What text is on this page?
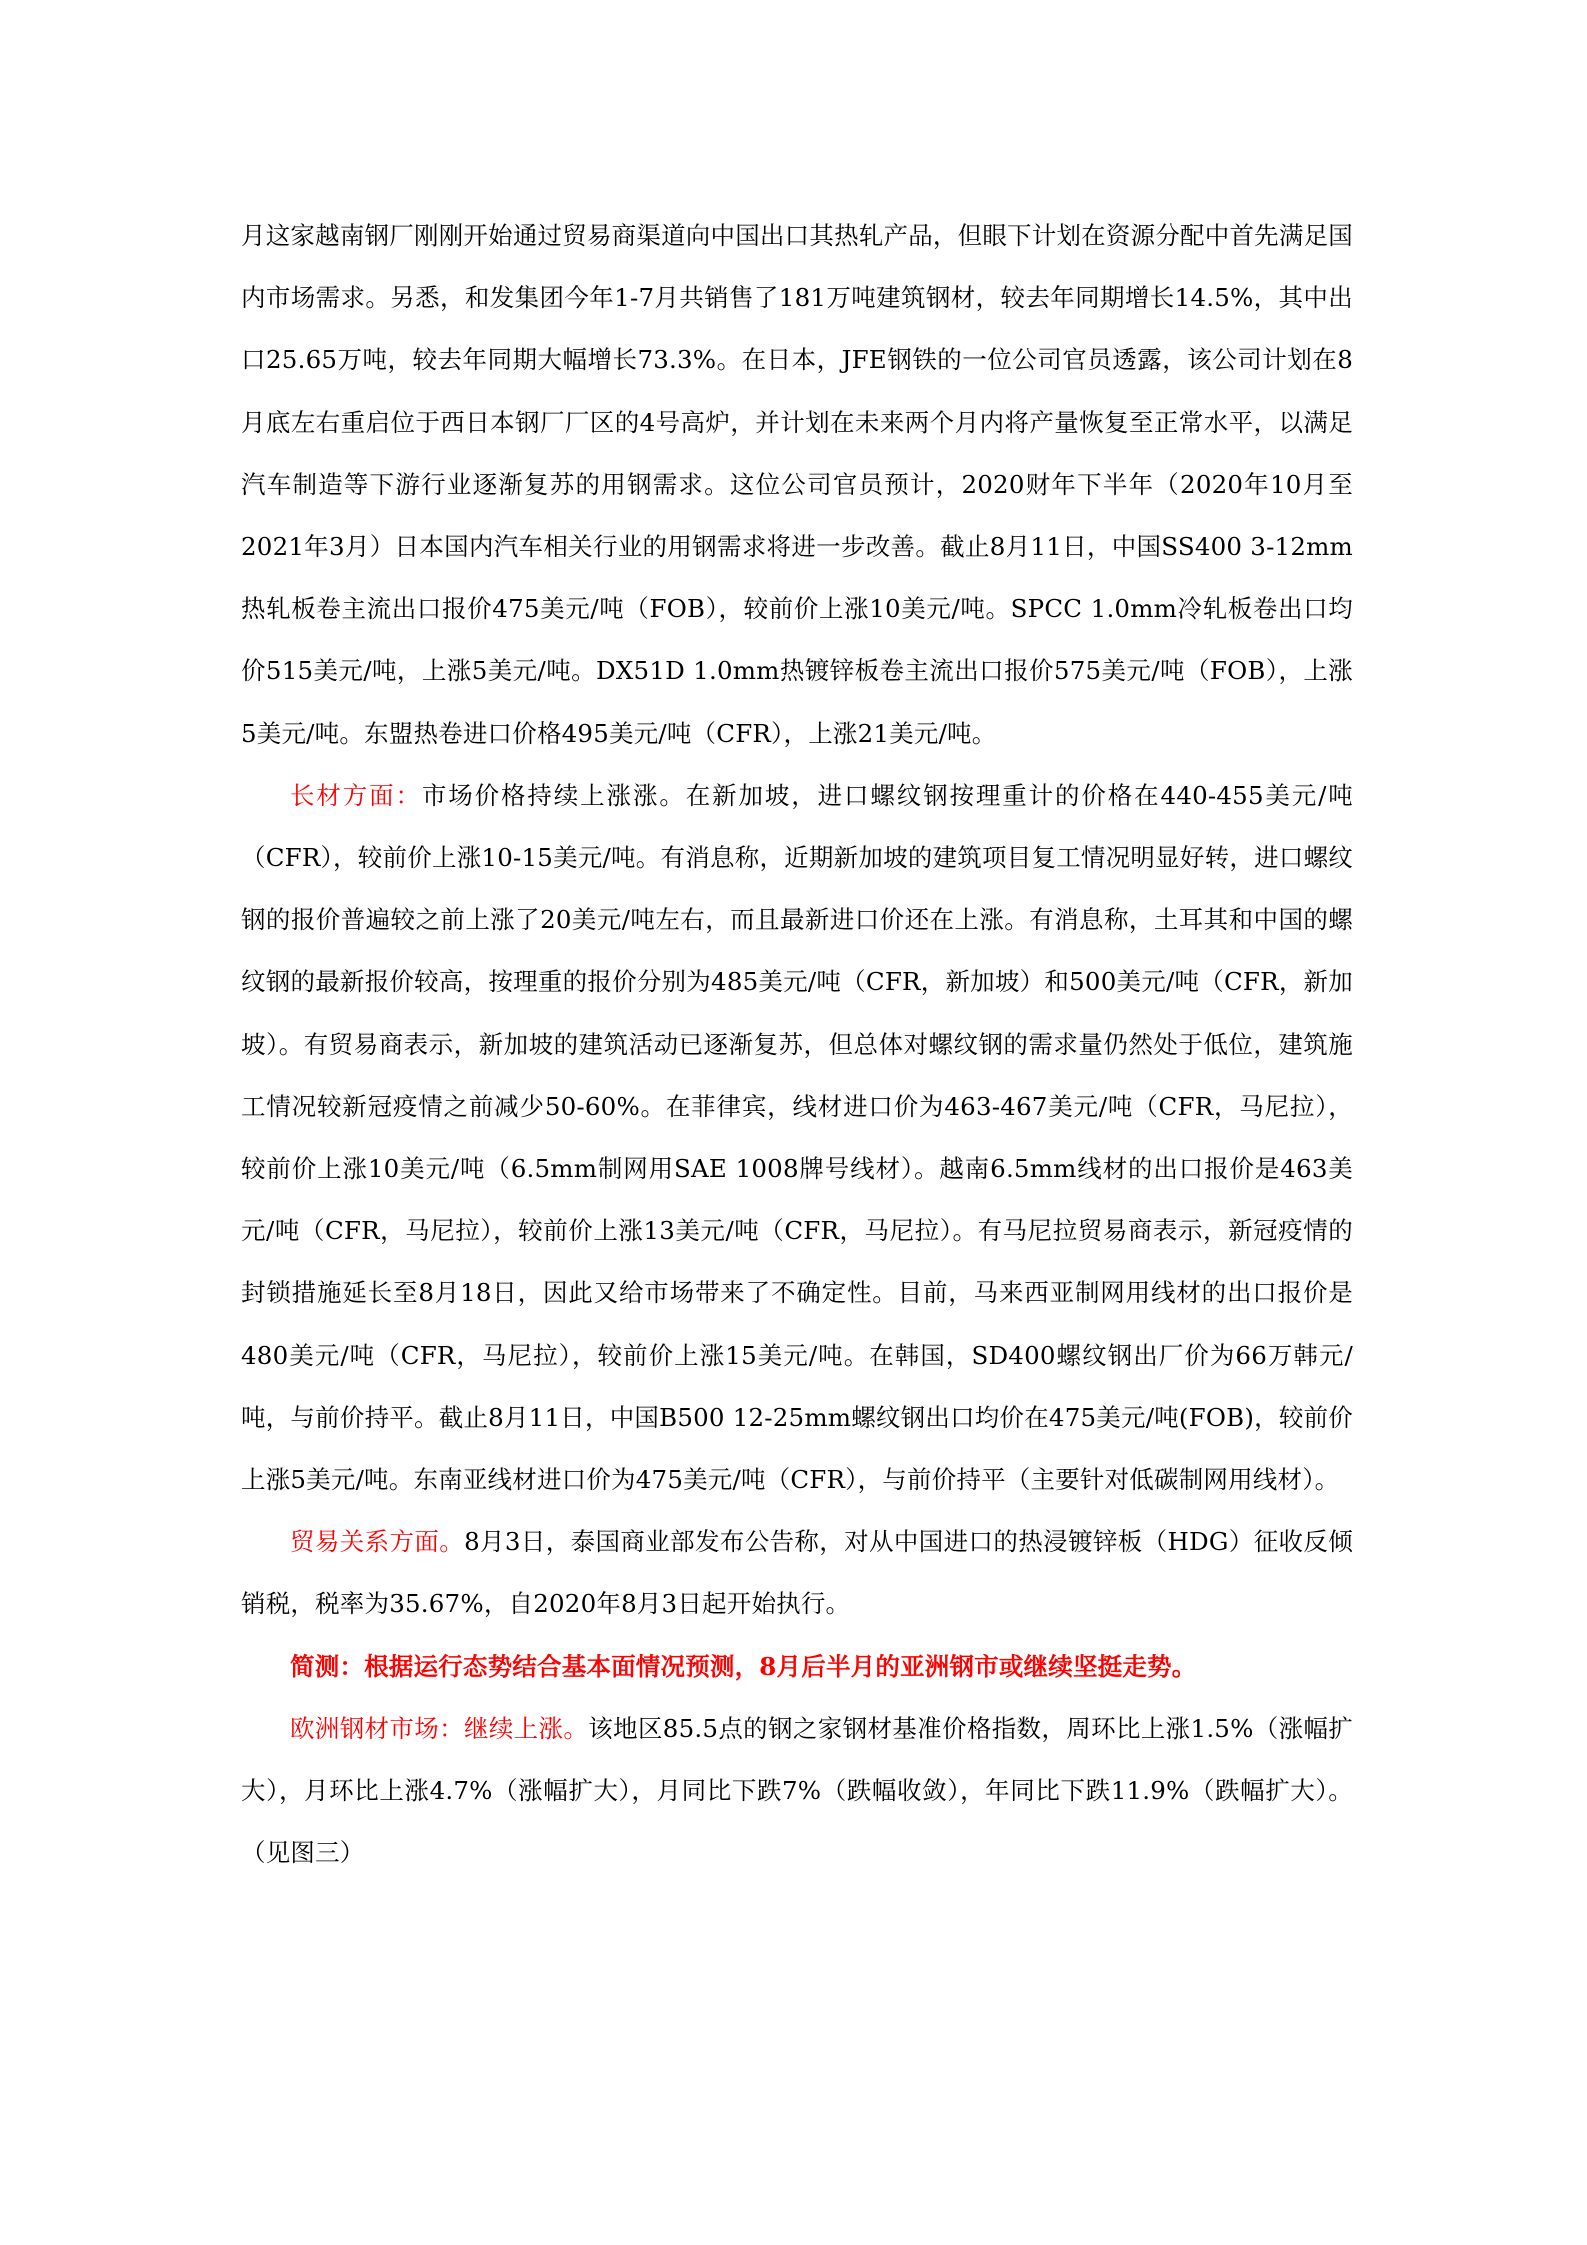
月这家越南钢厂刚刚开始通过贸易商渠道向中国出口其热轧产品，但眼下计划在资源分配中首先满足国内市场需求。另悉，和发集团今年1-7月共销售了181万吨建筑钢材，较去年同期增长14.5%，其中出口25.65万吨，较去年同期大幅增长73.3%。在日本，JFE钢铁的一位公司官员透露，该公司计划在8月底左右重启位于西日本钢厂厂区的4号高炉，并计划在未来两个月内将产量恢复至正常水平，以满足汽车制造等下游行业逐渐复苏的用钢需求。这位公司官员预计，2020财年下半年（2020年10月至2021年3月）日本国内汽车相关行业的用钢需求将进一步改善。截止8月11日，中国SS400 3-12mm热轧板卷主流出口报价475美元/吨（FOB），较前价上涨10美元/吨。SPCC 1.0mm冷轧板卷出口均价515美元/吨，上涨5美元/吨。DX51D 1.0mm热镀锌板卷主流出口报价575美元/吨（FOB），上涨5美元/吨。东盟热卷进口价格495美元/吨（CFR），上涨21美元/吨。

长材方面：市场价格持续上涨涨。在新加坡，进口螺纹钢按理重计的价格在440-455美元/吨（CFR），较前价上涨10-15美元/吨。有消息称，近期新加坡的建筑项目复工情况明显好转，进口螺纹钢的报价普遍较之前上涨了20美元/吨左右，而且最新进口价还在上涨。有消息称，土耳其和中国的螺纹钢的最新报价较高，按理重的报价分别为485美元/吨（CFR，新加坡）和500美元/吨（CFR，新加坡）。有贸易商表示，新加坡的建筑活动已逐渐复苏，但总体对螺纹钢的需求量仍然处于低位，建筑施工情况较新冠疫情之前减少50-60%。在菲律宾，线材进口价为463-467美元/吨（CFR，马尼拉），较前价上涨10美元/吨（6.5mm制网用SAE 1008牌号线材）。越南6.5mm线材的出口报价是463美元/吨（CFR，马尼拉），较前价上涨13美元/吨（CFR，马尼拉）。有马尼拉贸易商表示，新冠疫情的封锁措施延长至8月18日，因此又给市场带来了不确定性。目前，马来西亚制网用线材的出口报价是480美元/吨（CFR，马尼拉），较前价上涨15美元/吨。在韩国，SD400螺纹钢出厂价为66万韩元/吨，与前价持平。截止8月11日，中国B500 12-25mm螺纹钢出口均价在475美元/吨(FOB)，较前价上涨5美元/吨。东南亚线材进口价为475美元/吨（CFR），与前价持平（主要针对低碳制网用线材）。

贸易关系方面。8月3日，泰国商业部发布公告称，对从中国进口的热浸镀锌板（HDG）征收反倾销税，税率为35.67%，自2020年8月3日起开始执行。

简测：根据运行态势结合基本面情况预测，8月后半月的亚洲钢市或继续坚挺走势。

欧洲钢材市场：继续上涨。该地区85.5点的钢之家钢材基准价格指数，周环比上涨1.5%（涨幅扩大），月环比上涨4.7%（涨幅扩大），月同比下跌7%（跌幅收敛），年同比下跌11.9%（跌幅扩大）。（见图三）
